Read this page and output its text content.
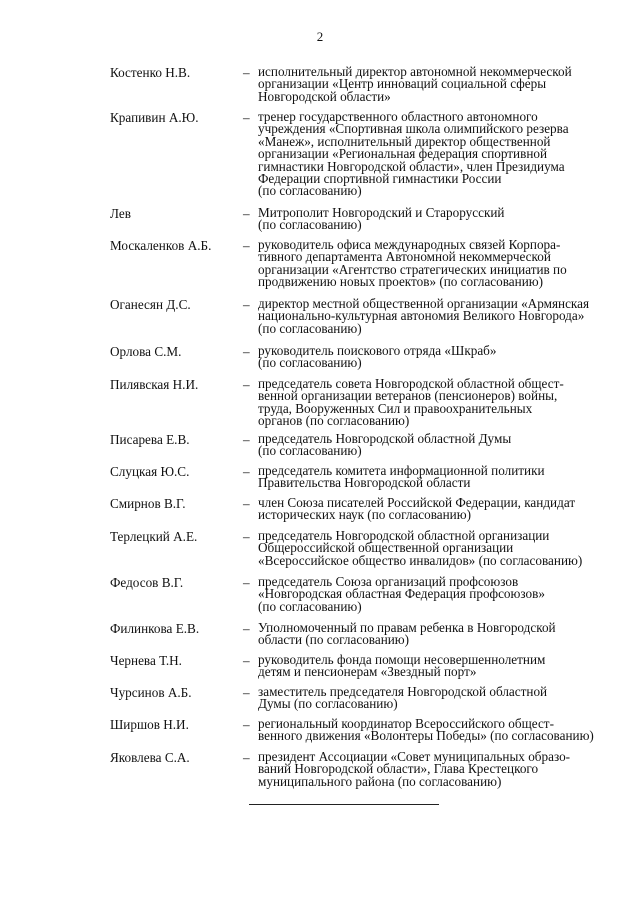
2
Костенко Н.В.	– исполнительный директор автономной некоммерческой
организации «Центр инноваций социальной сферы
Новгородской области»
Крапивин А.Ю.	– тренер государственного областного автономного
учреждения «Спортивная школа олимпийского резерва
«Манеж», исполнительный директор общественной
организации «Региональная федерация спортивной
гимнастики Новгородской области», член Президиума
Федерации спортивной гимнастики России
(по согласованию)
Лев	– Митрополит Новгородский и Старорусский
(по согласованию)
Москаленков А.Б. – руководитель офиса международных связей Корпора-
тивного департамента Автономной некоммерческой
организации «Агентство стратегических инициатив по
продвижению новых проектов» (по согласованию)
Оганесян Д.С.	– директор местной общественной организации «Армянская
национально-культурная автономия Великого Новгорода»
(по согласованию)
Орлова С.М.	– руководитель поискового отряда «Шкраб»
(по согласованию)
Пилявская Н.И.	– председатель совета Новгородской областной общест-
венной организации ветеранов (пенсионеров) войны,
труда, Вооруженных Сил и правоохранительных
органов (по согласованию)
Писарева Е.В.	– председатель Новгородской областной Думы
(по согласованию)
Слуцкая Ю.С.	– председатель комитета информационной политики
Правительства Новгородской области
Смирнов В.Г.	– член Союза писателей Российской Федерации, кандидат
исторических наук (по согласованию)
Терлецкий А.Е.	– председатель Новгородской областной организации
Общероссийской общественной организации
«Всероссийское общество инвалидов» (по согласованию)
Федосов В.Г.	– председатель Союза организаций профсоюзов
«Новгородская областная Федерация профсоюзов»
(по согласованию)
Филинкова Е.В.	– Уполномоченный по правам ребенка в Новгородской
области (по согласованию)
Чернева Т.Н.	– руководитель фонда помощи несовершеннолетним
детям и пенсионерам «Звездный порт»
Чурсинов А.Б.	– заместитель председателя Новгородской областной
Думы (по согласованию)
Ширшов Н.И.	– региональный координатор Всероссийского общест-
венного движения «Волонтеры Победы» (по согласованию)
Яковлева С.А.	– президент Ассоциации «Совет муниципальных образо-
ваний Новгородской области», Глава Крестецкого
муниципального района (по согласованию)
